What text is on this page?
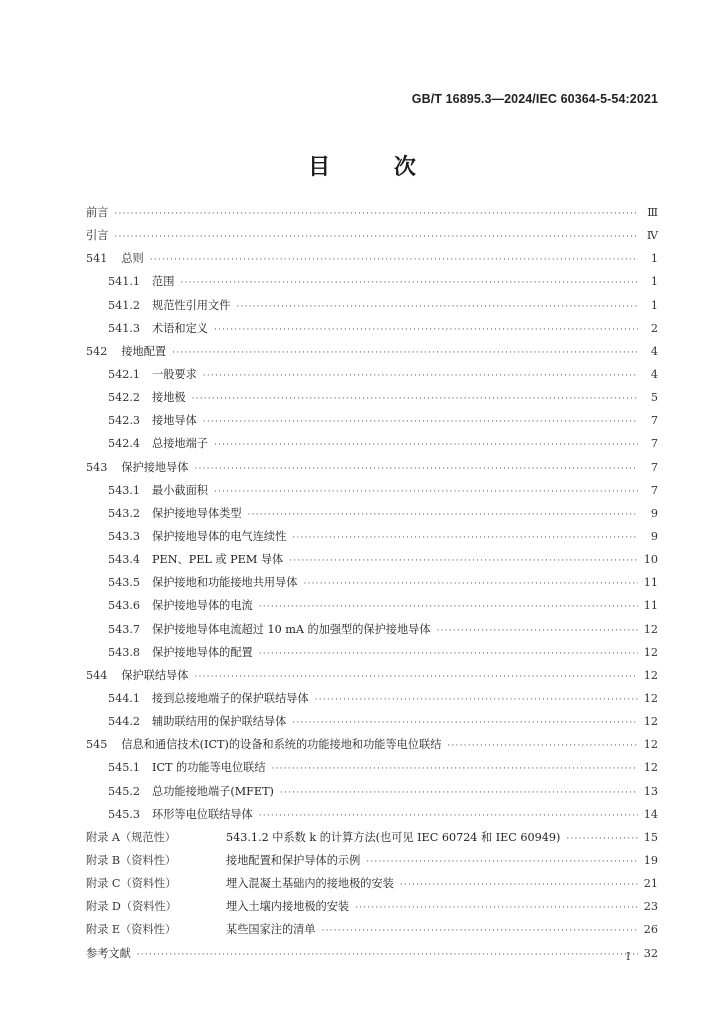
GB/T 16895.3—2024/IEC 60364-5-54:2021
目 次
前言 ·····	Ⅲ
引言 ·····	Ⅳ
541 总则 ·····	1
541.1 范围 ·····	1
541.2 规范性引用文件 ·····	1
541.3 术语和定义 ·····	2
542 接地配置 ·····	4
542.1 一般要求 ·····	4
542.2 接地极 ·····	5
542.3 接地导体 ·····	7
542.4 总接地端子 ·····	7
543 保护接地导体 ·····	7
543.1 最小截面积 ·····	7
543.2 保护接地导体类型 ·····	9
543.3 保护接地导体的电气连续性 ·····	9
543.4 PEN、PEL 或 PEM 导体 ·····	10
543.5 保护接地和功能接地共用导体 ·····	11
543.6 保护接地导体的电流 ·····	11
543.7 保护接地导体电流超过 10 mA 的加强型的保护接地导体 ·····	12
543.8 保护接地导体的配置 ·····	12
544 保护联结导体 ·····	12
544.1 接到总接地端子的保护联结导体 ·····	12
544.2 辅助联结用的保护联结导体 ·····	12
545 信息和通信技术(ICT)的设备和系统的功能接地和功能等电位联结 ·····	12
545.1 ICT 的功能等电位联结 ·····	12
545.2 总功能接地端子(MFET) ·····	13
545.3 环形等电位联结导体 ·····	14
附录 A（规范性）	543.1.2 中系数 k 的计算方法(也可见 IEC 60724 和 IEC 60949) ·····	15
附录 B（资料性）	接地配置和保护导体的示例 ·····	19
附录 C（资料性）	埋入混凝土基础内的接地极的安装 ·····	21
附录 D（资料性）	埋入土壤内接地极的安装 ·····	23
附录 E（资料性）	某些国家注的清单 ·····	26
参考文献 ·····	32
I
